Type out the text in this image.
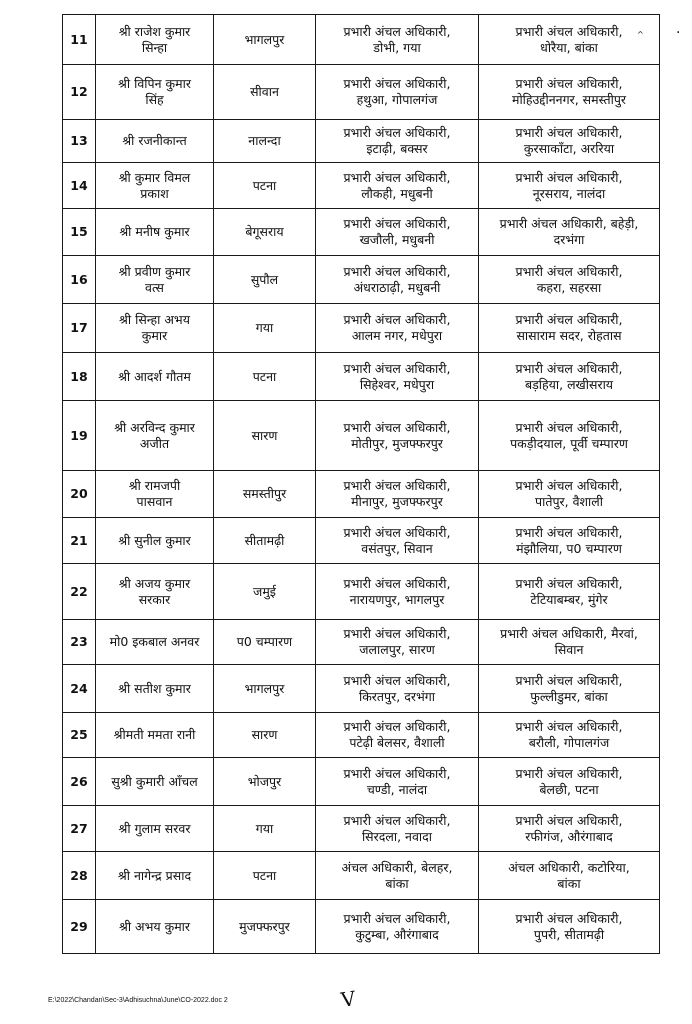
11	श्री राजेश कुमार
सिन्हा	भागलपुर	प्रभारी अंचल अधिकारी,
डोभी, गया	प्रभारी अंचल अधिकारी,
धोरैया, बांका

12	श्री विपिन कुमार
सिंह	सीवान	प्रभारी अंचल अधिकारी,
हथुआ, गोपालगंज	प्रभारी अंचल अधिकारी,
मोहिउद्दीननगर, समस्तीपुर

13	श्री रजनीकान्त	नालन्दा	प्रभारी अंचल अधिकारी,
इटाढ़ी, बक्सर	प्रभारी अंचल अधिकारी,
कुरसाकाँटा, अररिया

14	श्री कुमार विमल
प्रकाश	पटना	प्रभारी अंचल अधिकारी,
लौकही, मधुबनी	प्रभारी अंचल अधिकारी,
नूरसराय, नालंदा

15	श्री मनीष कुमार	बेगूसराय	प्रभारी अंचल अधिकारी,
खजौली, मधुबनी	प्रभारी अंचल अधिकारी, बहेड़ी,
दरभंगा

16	श्री प्रवीण कुमार
वत्स	सुपौल	प्रभारी अंचल अधिकारी,
अंधराठाढ़ी, मधुबनी	प्रभारी अंचल अधिकारी,
कहरा, सहरसा

17	श्री सिन्हा अभय
कुमार	गया	प्रभारी अंचल अधिकारी,
आलम नगर, मधेपुरा	प्रभारी अंचल अधिकारी,
सासाराम सदर, रोहतास

18	श्री आदर्श गौतम	पटना	प्रभारी अंचल अधिकारी,
सिहेश्वर, मधेपुरा	प्रभारी अंचल अधिकारी,
बड़हिया, लखीसराय

19	श्री अरविन्द कुमार
अजीत	सारण	प्रभारी अंचल अधिकारी,
मोतीपुर, मुजफ्फरपुर	प्रभारी अंचल अधिकारी,
पकड़ीदयाल, पूर्वी चम्पारण

20	श्री रामजपी
पासवान	समस्तीपुर	प्रभारी अंचल अधिकारी,
मीनापुर, मुजफ्फरपुर	प्रभारी अंचल अधिकारी,
पातेपुर, वैशाली

21	श्री सुनील कुमार	सीतामढ़ी	प्रभारी अंचल अधिकारी,
वसंतपुर, सिवान	प्रभारी अंचल अधिकारी,
मंझौलिया, प0 चम्पारण

22	श्री अजय कुमार
सरकार	जमुई	प्रभारी अंचल अधिकारी,
नारायणपुर, भागलपुर	प्रभारी अंचल अधिकारी,
टेटियाबम्बर, मुंगेर

23	मो0 इकबाल अनवर	प0 चम्पारण	प्रभारी अंचल अधिकारी,
जलालपुर, सारण	प्रभारी अंचल अधिकारी, मैरवां,
सिवान

24	श्री सतीश कुमार	भागलपुर	प्रभारी अंचल अधिकारी,
किरतपुर, दरभंगा	प्रभारी अंचल अधिकारी,
फुल्लीडुमर, बांका

25	श्रीमती ममता रानी	सारण	प्रभारी अंचल अधिकारी,
पटेढ़ी बेलसर, वैशाली	प्रभारी अंचल अधिकारी,
बरौली, गोपालगंज

26	सुश्री कुमारी आँचल	भोजपुर	प्रभारी अंचल अधिकारी,
चण्डी, नालंदा	प्रभारी अंचल अधिकारी,
बेलछी, पटना

27	श्री गुलाम सरवर	गया	प्रभारी अंचल अधिकारी,
सिरदला, नवादा	प्रभारी अंचल अधिकारी,
रफीगंज, औरंगाबाद

28	श्री नागेन्द्र प्रसाद	पटना	अंचल अधिकारी, बेलहर,
बांका	अंचल अधिकारी, कटोरिया,
बांका

29	श्री अभय कुमार	मुजफ्फरपुर	प्रभारी अंचल अधिकारी,
कुटुम्बा, औरंगाबाद	प्रभारी अंचल अधिकारी,
पुपरी, सीतामढ़ी
^ ·
E:\2022\Chandan\Sec-3\Adhisuchna\June\CO-2022.doc 2	V
